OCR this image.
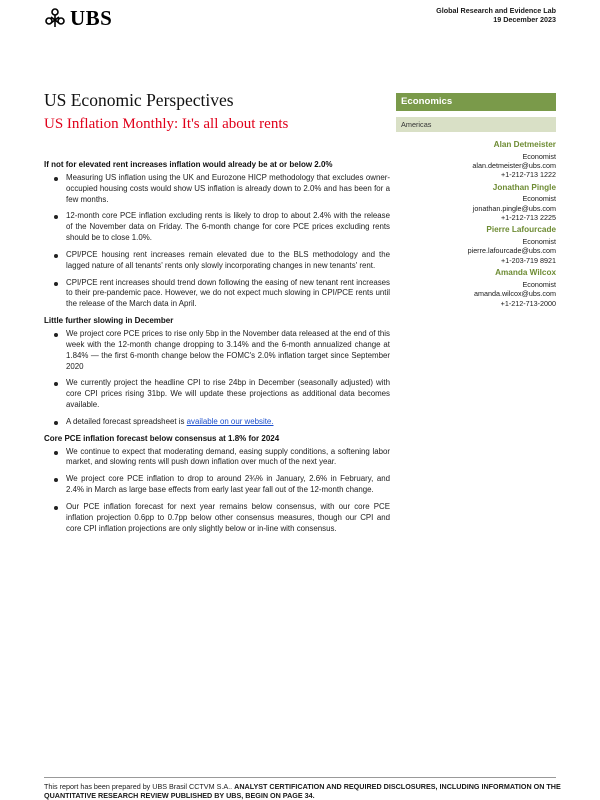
UBS	Global Research and Evidence Lab
19 December 2023
US Economic Perspectives
US Inflation Monthly: It's all about rents
Economics
Americas
Alan Detmeister
Economist
alan.detmeister@ubs.com
+1-212-713 1222
Jonathan Pingle
Economist
jonathan.pingle@ubs.com
+1-212-713 2225
Pierre Lafourcade
Economist
pierre.lafourcade@ubs.com
+1-203-719 8921
Amanda Wilcox
Economist
amanda.wilcox@ubs.com
+1-212-713-2000
If not for elevated rent increases inflation would already be at or below 2.0%
Measuring US inflation using the UK and Eurozone HICP methodology that excludes owner-occupied housing costs would show US inflation is already down to 2.0% and has been for a few months.
12-month core PCE inflation excluding rents is likely to drop to about 2.4% with the release of the November data on Friday. The 6-month change for core PCE prices excluding rents should be to close 1.0%.
CPI/PCE housing rent increases remain elevated due to the BLS methodology and the lagged nature of all tenants' rents only slowly incorporating changes in new tenants' rent.
CPI/PCE rent increases should trend down following the easing of new tenant rent increases to their pre-pandemic pace. However, we do not expect much slowing in CPI/PCE rents until the release of the March data in April.
Little further slowing in December
We project core PCE prices to rise only 5bp in the November data released at the end of this week with the 12-month change dropping to 3.14% and the 6-month annualized change at 1.84% — the first 6-month change below the FOMC's 2.0% inflation target since September 2020
We currently project the headline CPI to rise 24bp in December (seasonally adjusted) with core CPI prices rising 31bp. We will update these projections as additional data becomes available.
A detailed forecast spreadsheet is available on our website.
Core PCE inflation forecast below consensus at 1.8% for 2024
We continue to expect that moderating demand, easing supply conditions, a softening labor market, and slowing rents will push down inflation over much of the next year.
We project core PCE inflation to drop to around 2¾% in January, 2.6% in February, and 2.4% in March as large base effects from early last year fall out of the 12-month change.
Our PCE inflation forecast for next year remains below consensus, with our core PCE inflation projection 0.6pp to 0.7pp below other consensus measures, though our CPI and core CPI inflation projections are only slightly below or in-line with consensus.
This report has been prepared by UBS Brasil CCTVM S.A.. ANALYST CERTIFICATION AND REQUIRED DISCLOSURES, INCLUDING INFORMATION ON THE QUANTITATIVE RESEARCH REVIEW PUBLISHED BY UBS, BEGIN ON PAGE 34.
